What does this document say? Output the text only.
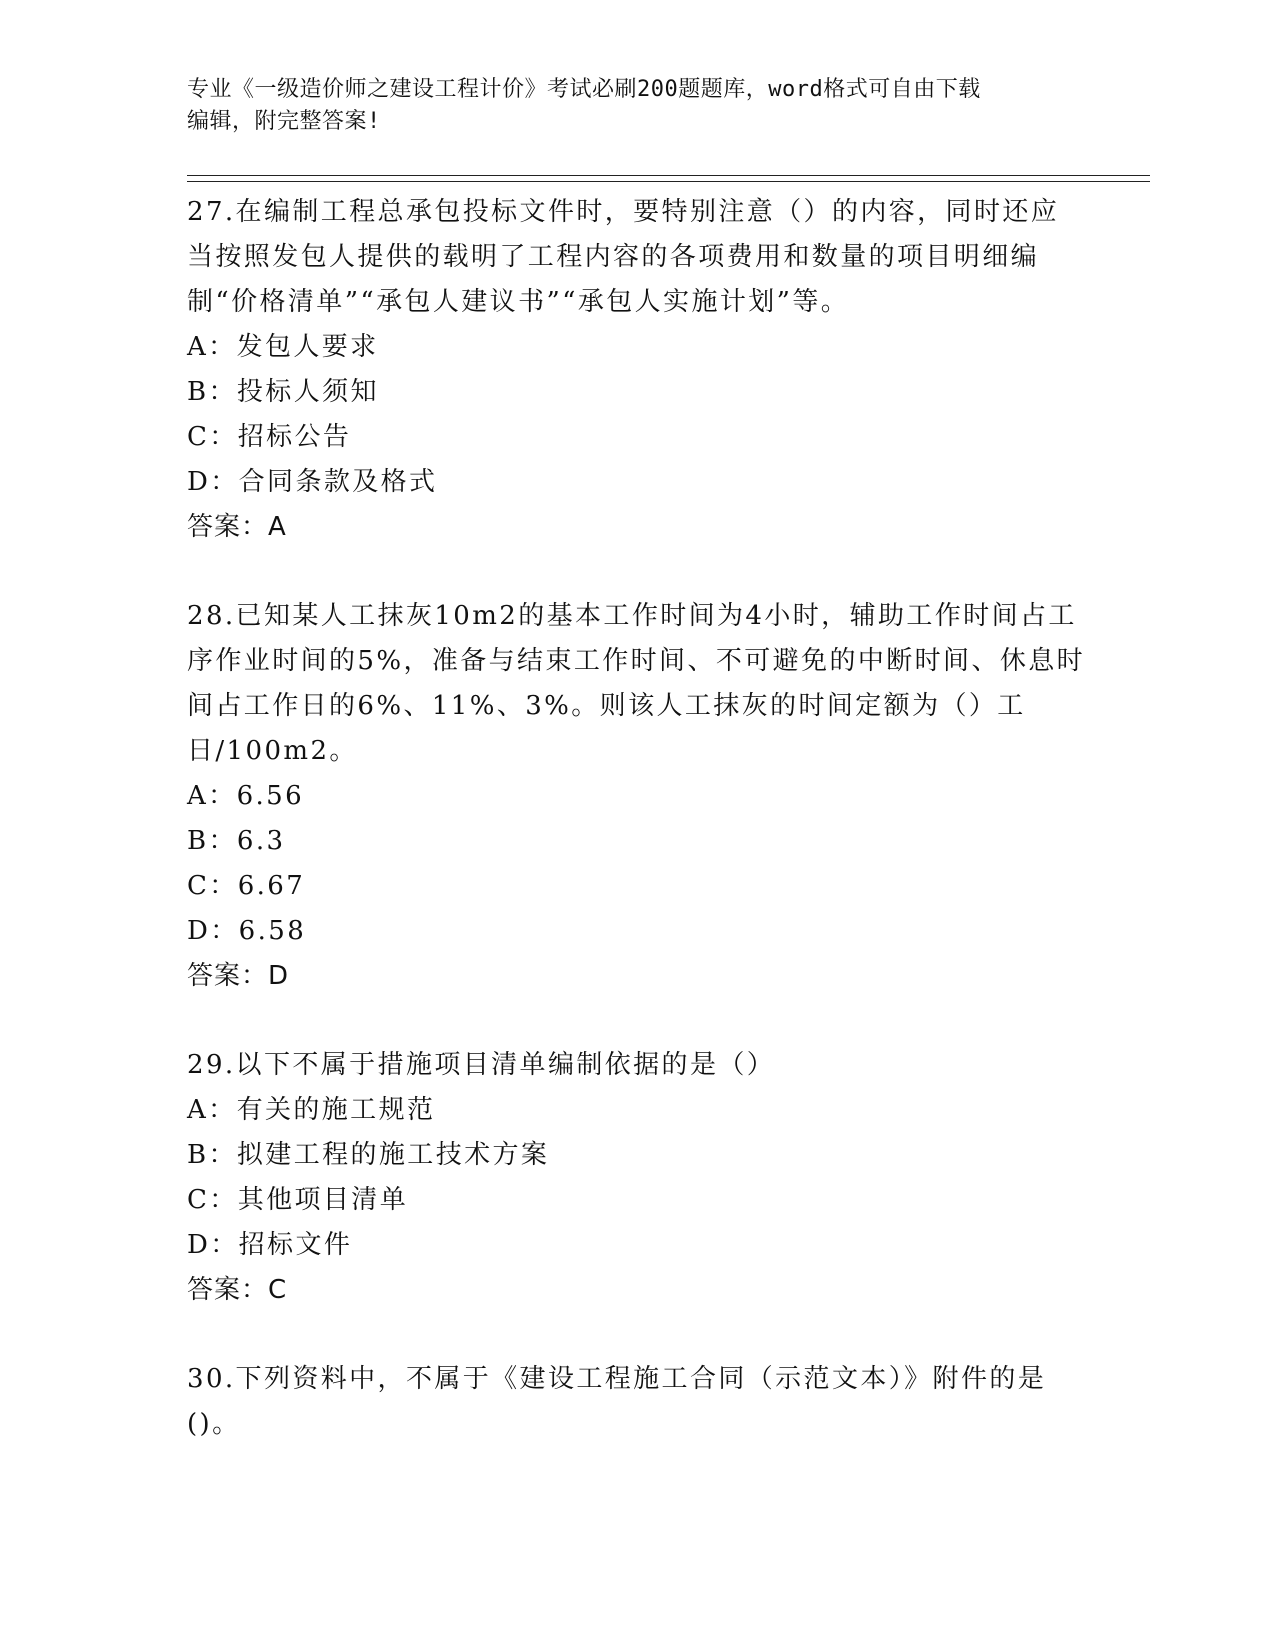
专业《一级造价师之建设工程计价》考试必刷200题题库，word格式可自由下载
编辑，附完整答案!

27.在编制工程总承包投标文件时，要特别注意（）的内容，同时还应当按照发包人提供的载明了工程内容的各项费用和数量的项目明细编制“价格清单”“承包人建议书”“承包人实施计划”等。

A：发包人要求

B：投标人须知

C：招标公告

D：合同条款及格式

答案：A

28.已知某人工抹灰10m2的基本工作时间为4小时，辅助工作时间占工序作业时间的5%，准备与结束工作时间、不可避免的中断时间、休息时间占工作日的6%、11%、3%。则该人工抹灰的时间定额为（）工日/100m2。

A：6.56

B：6.3

C：6.67

D：6.58

答案：D

29.以下不属于措施项目清单编制依据的是（）

A：有关的施工规范

B：拟建工程的施工技术方案

C：其他项目清单

D：招标文件

答案：C

30.下列资料中，不属于《建设工程施工合同（示范文本）》附件的是()。
